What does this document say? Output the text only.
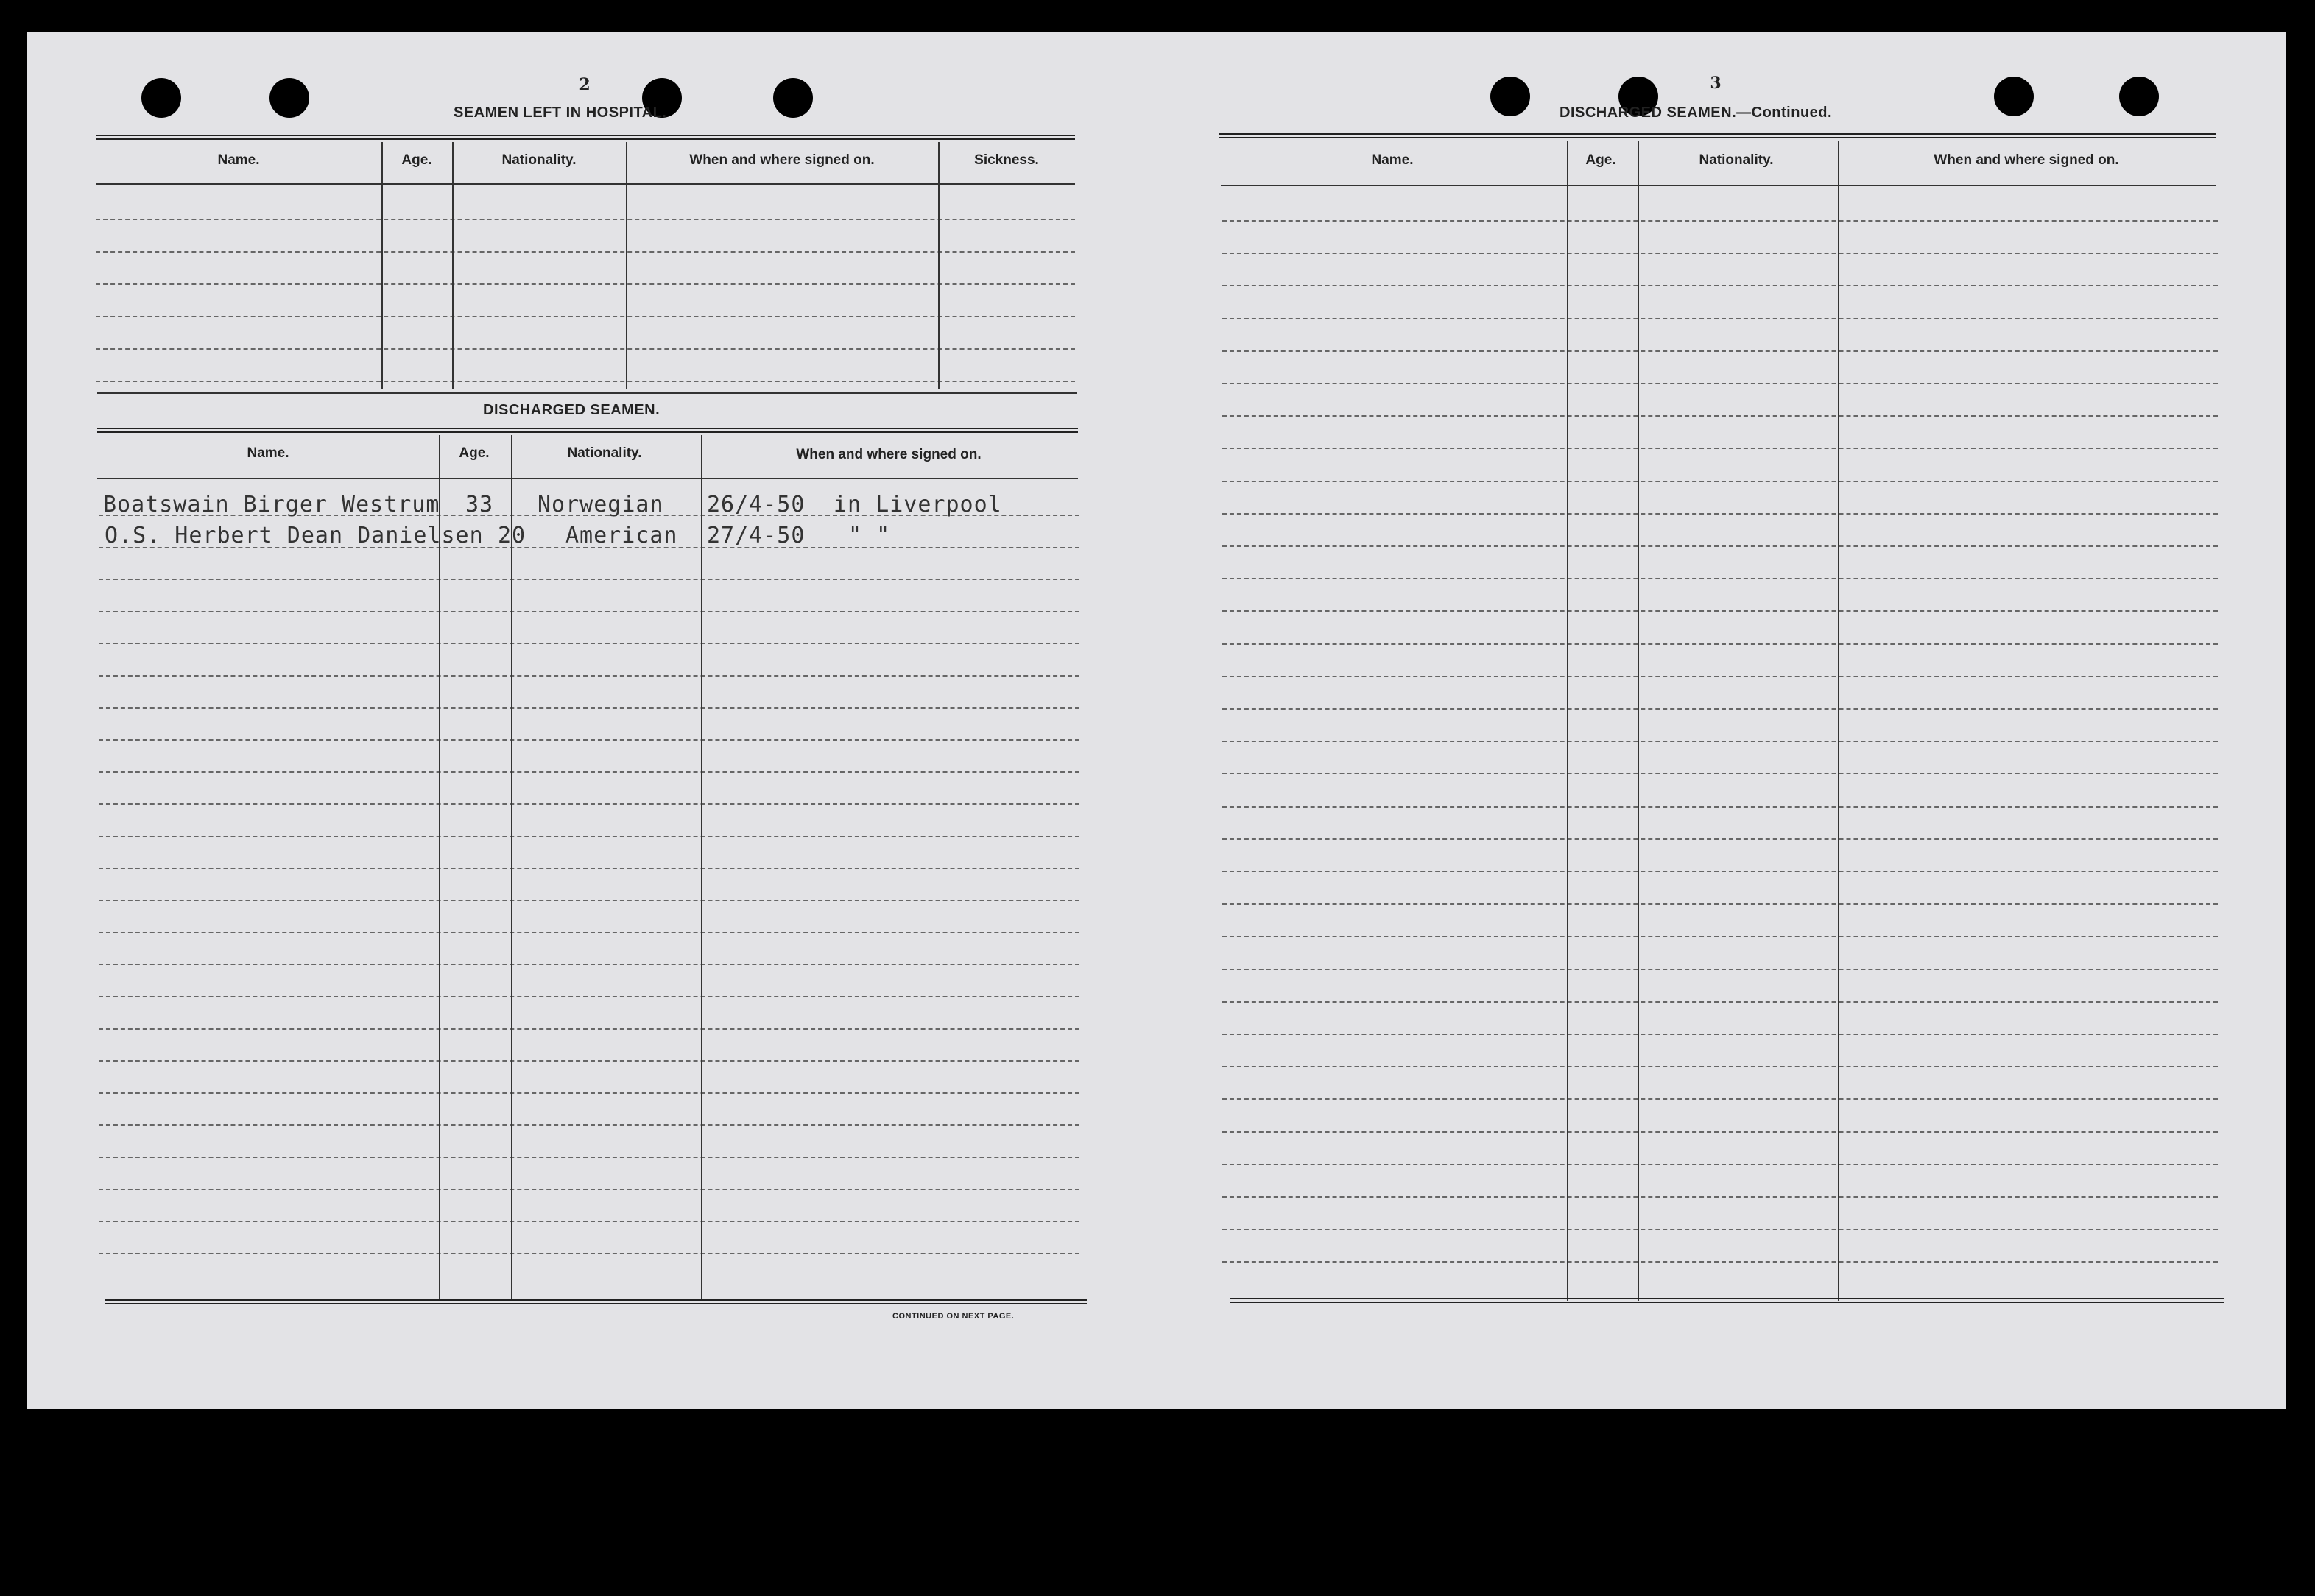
2
SEAMEN LEFT IN HOSPITAL.
Name.	Age.	Nationality.	When and where signed on.	Sickness.
DISCHARGED SEAMEN.
Name.	Age.	Nationality.	When and where signed on.
Boatswain Birger Westrum 33 Norwegian 26/4-50 in Liverpool
O.S. Herbert Dean Danielsen 20 American 27/4-50 " "
CONTINUED ON NEXT PAGE.
3
DISCHARGED SEAMEN.—Continued.
Name.	Age.	Nationality.	When and where signed on.
